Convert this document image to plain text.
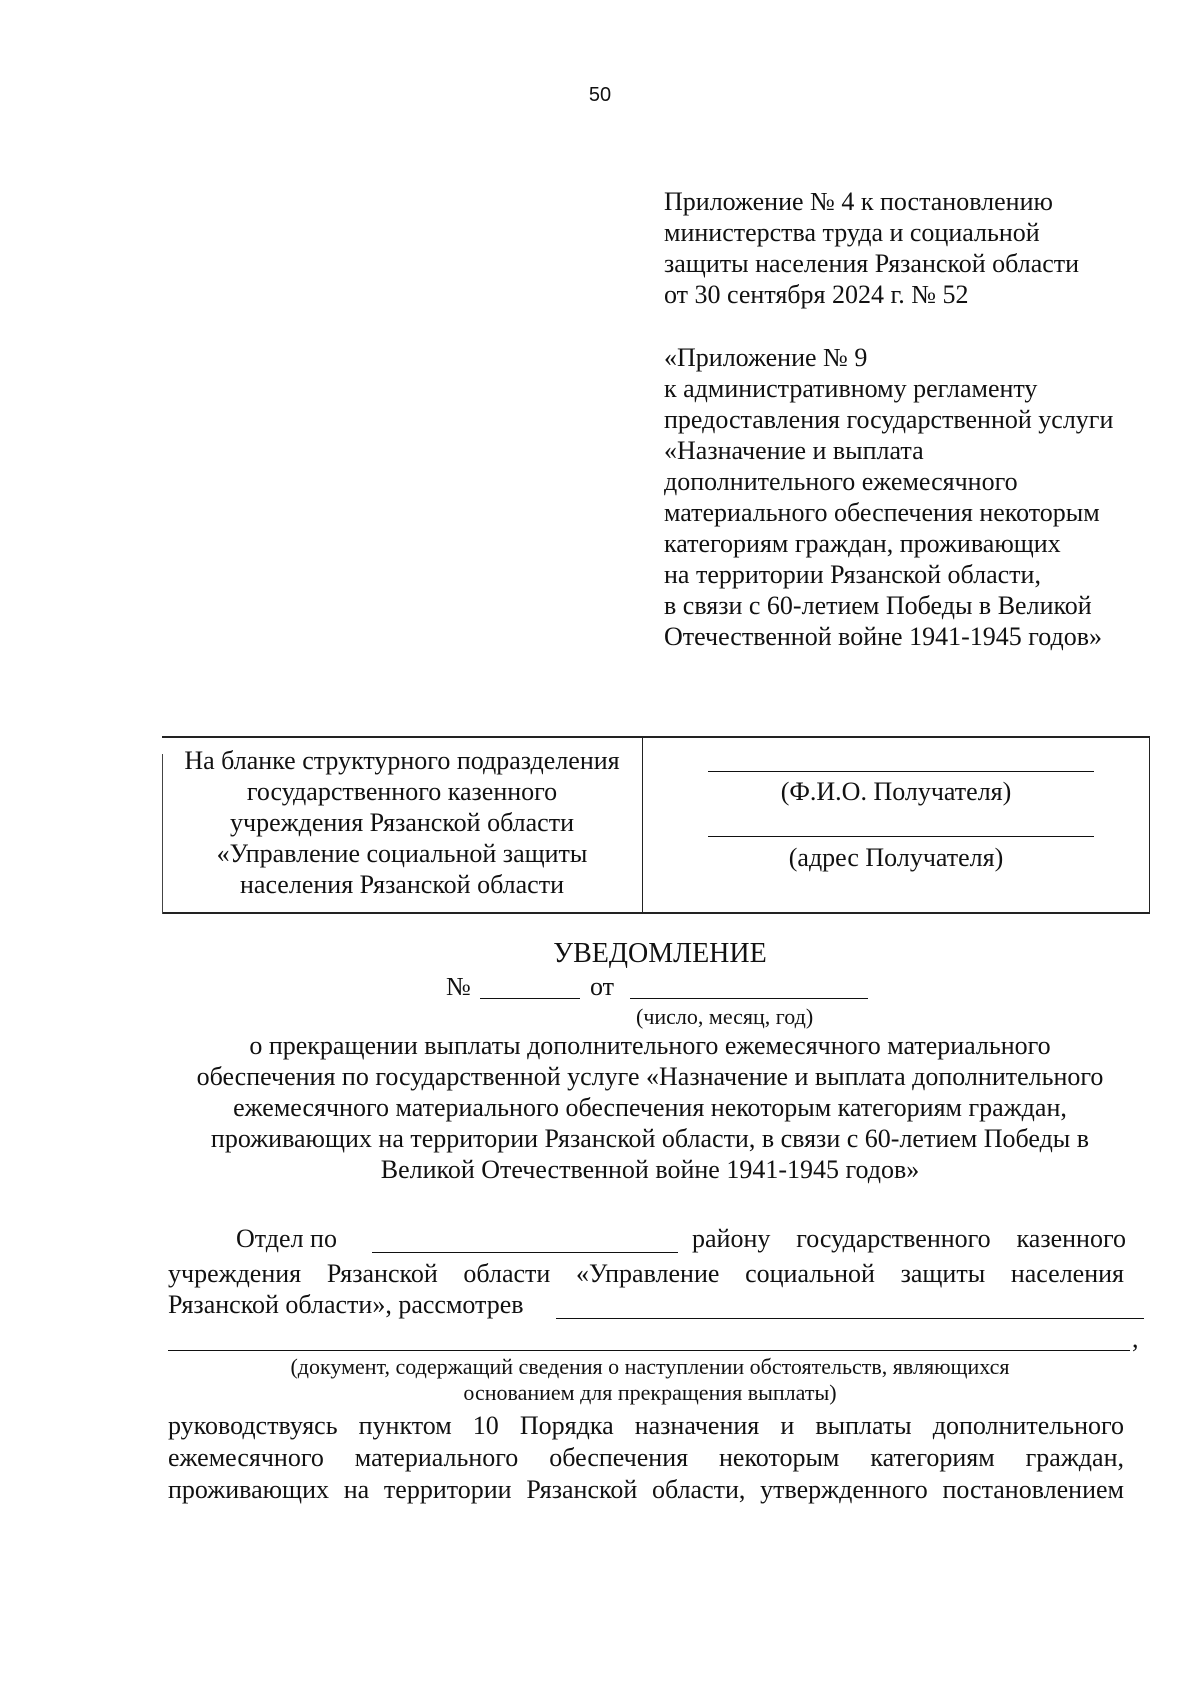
50
Приложение № 4 к постановлению
министерства труда и социальной
защиты населения Рязанской области
от 30 сентября 2024 г. № 52
«Приложение № 9
к административному регламенту
предоставления государственной услуги
«Назначение и выплата
дополнительного ежемесячного
материального обеспечения некоторым
категориям граждан, проживающих
на территории Рязанской области,
в связи с 60-летием Победы в Великой
Отечественной войне 1941-1945 годов»
На бланке структурного подразделения
государственного казенного
учреждения Рязанской области
«Управление социальной защиты
населения Рязанской области
(Ф.И.О. Получателя)
(адрес Получателя)
УВЕДОМЛЕНИЕ
№	от
(число, месяц, год)
о прекращении выплаты дополнительного ежемесячного материального
обеспечения по государственной услуге «Назначение и выплата дополнительного
ежемесячного материального обеспечения некоторым категориям граждан,
проживающих на территории Рязанской области, в связи с 60-летием Победы в
Великой Отечественной войне 1941-1945 годов»
Отдел по	району государственного казенного
учреждения Рязанской области «Управление социальной защиты населения
Рязанской области», рассмотрев
,
(документ, содержащий сведения о наступлении обстоятельств, являющихся
основанием для прекращения выплаты)
руководствуясь пунктом 10 Порядка назначения и выплаты дополнительного
ежемесячного материального обеспечения некоторым категориям граждан,
проживающих на территории Рязанской области, утвержденного постановлением
